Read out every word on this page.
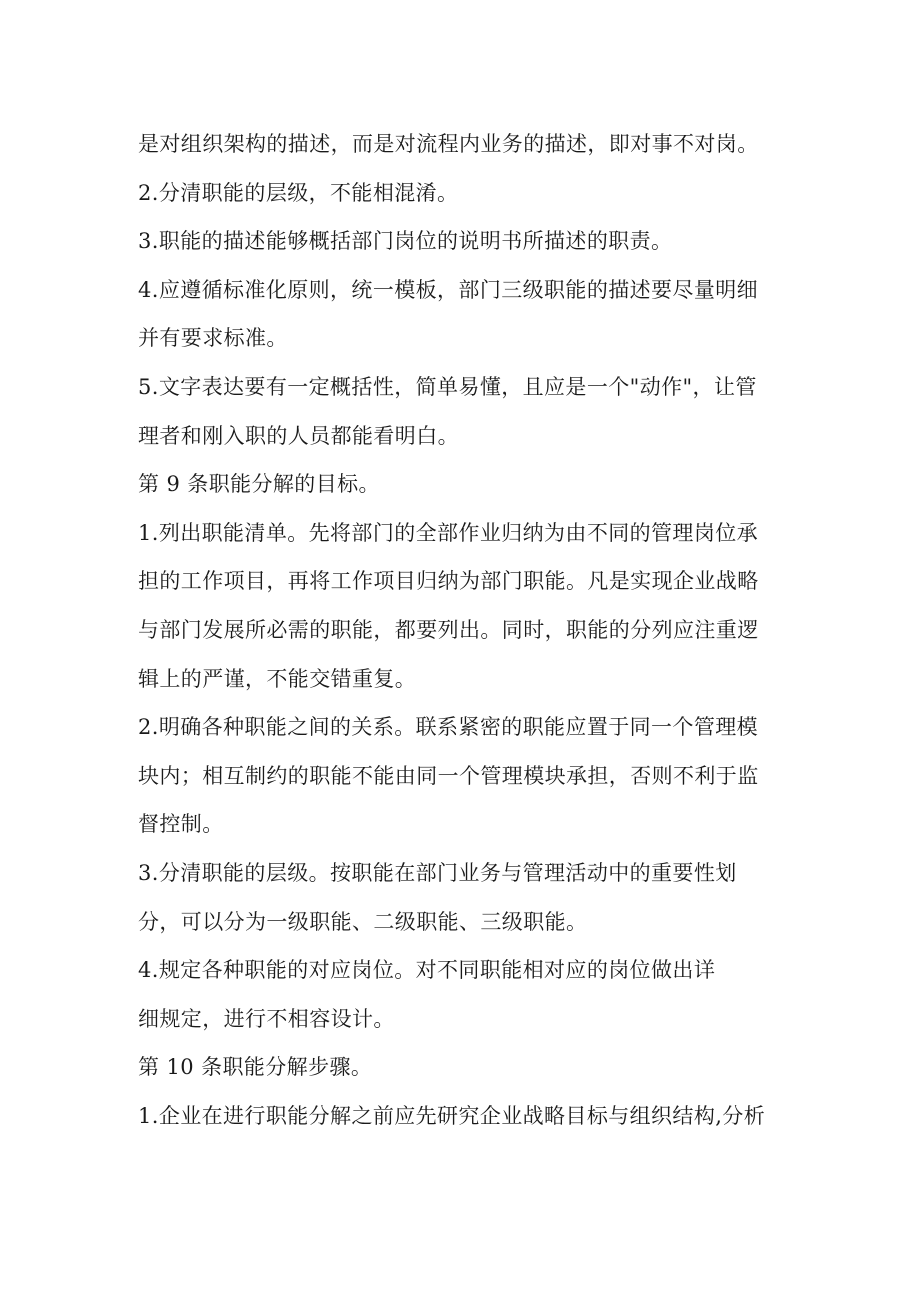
是对组织架构的描述，而是对流程内业务的描述，即对事不对岗。
2.分清职能的层级，不能相混淆。
3.职能的描述能够概括部门岗位的说明书所描述的职责。
4.应遵循标准化原则，统一模板，部门三级职能的描述要尽量明细
并有要求标准。
5.文字表达要有一定概括性，简单易懂，且应是一个"动作"，让管
理者和刚入职的人员都能看明白。
第 9 条职能分解的目标。
1.列出职能清单。先将部门的全部作业归纳为由不同的管理岗位承
担的工作项目，再将工作项目归纳为部门职能。凡是实现企业战略
与部门发展所必需的职能，都要列出。同时，职能的分列应注重逻
辑上的严谨，不能交错重复。
2.明确各种职能之间的关系。联系紧密的职能应置于同一个管理模
块内；相互制约的职能不能由同一个管理模块承担，否则不利于监
督控制。
3.分清职能的层级。按职能在部门业务与管理活动中的重要性划
分，可以分为一级职能、二级职能、三级职能。
4.规定各种职能的对应岗位。对不同职能相对应的岗位做出详
细规定，进行不相容设计。
第 10 条职能分解步骤。
1.企业在进行职能分解之前应先研究企业战略目标与组织结构,分析
